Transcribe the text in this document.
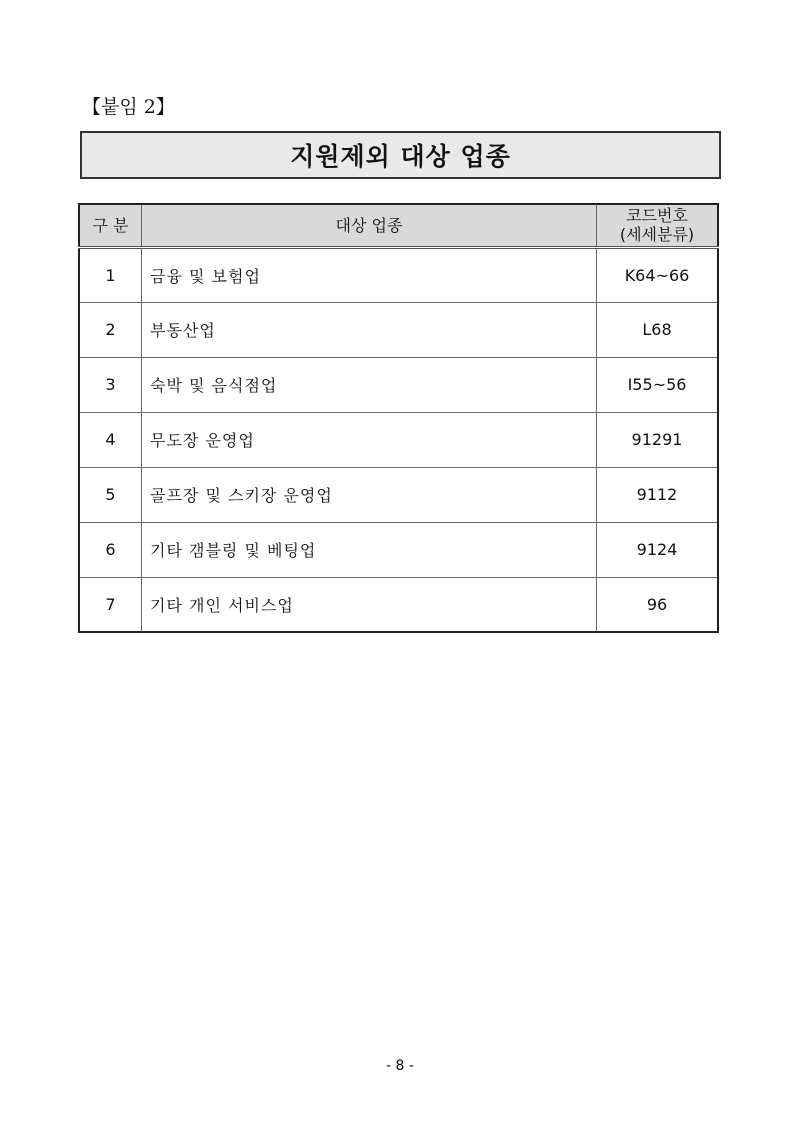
【붙임 2】
지원제외 대상 업종
구 분	대상 업종	코드번호
(세세분류)
1	금융 및 보험업	K64~66
2	부동산업	L68
3	숙박 및 음식점업	I55~56
4	무도장 운영업	91291
5	골프장 및 스키장 운영업	9112
6	기타 갬블링 및 베팅업	9124
7	기타 개인 서비스업	96
- 8 -
